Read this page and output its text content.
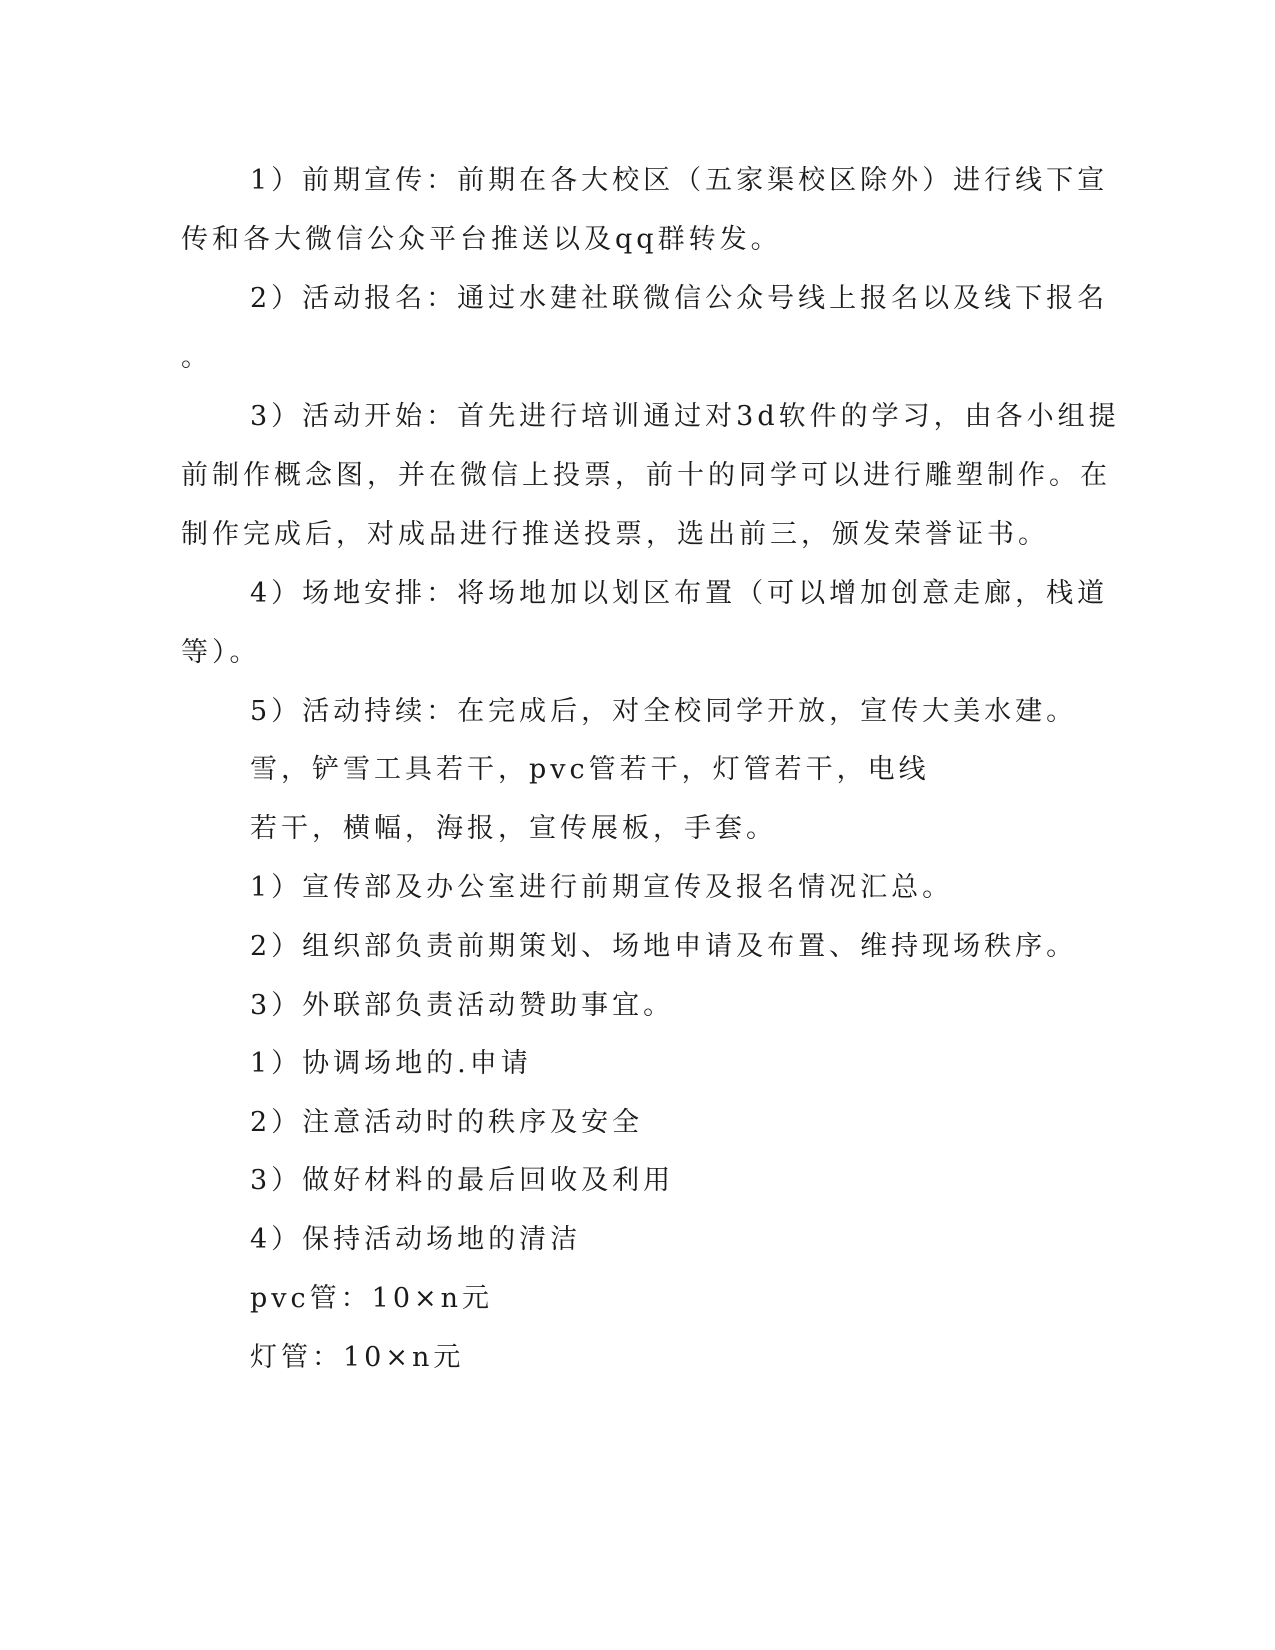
1）前期宣传：前期在各大校区（五家渠校区除外）进行线下宣
传和各大微信公众平台推送以及qq群转发。
2）活动报名：通过水建社联微信公众号线上报名以及线下报名
。
3）活动开始：首先进行培训通过对3d软件的学习，由各小组提
前制作概念图，并在微信上投票，前十的同学可以进行雕塑制作。在
制作完成后，对成品进行推送投票，选出前三，颁发荣誉证书。
4）场地安排：将场地加以划区布置（可以增加创意走廊，栈道
等）。
5）活动持续：在完成后，对全校同学开放，宣传大美水建。
雪，铲雪工具若干，pvc管若干，灯管若干，电线
若干，横幅，海报，宣传展板，手套。
1）宣传部及办公室进行前期宣传及报名情况汇总。
2）组织部负责前期策划、场地申请及布置、维持现场秩序。
3）外联部负责活动赞助事宜。
1）协调场地的.申请
2）注意活动时的秩序及安全
3）做好材料的最后回收及利用
4）保持活动场地的清洁
pvc管：10×n元
灯管：10×n元
